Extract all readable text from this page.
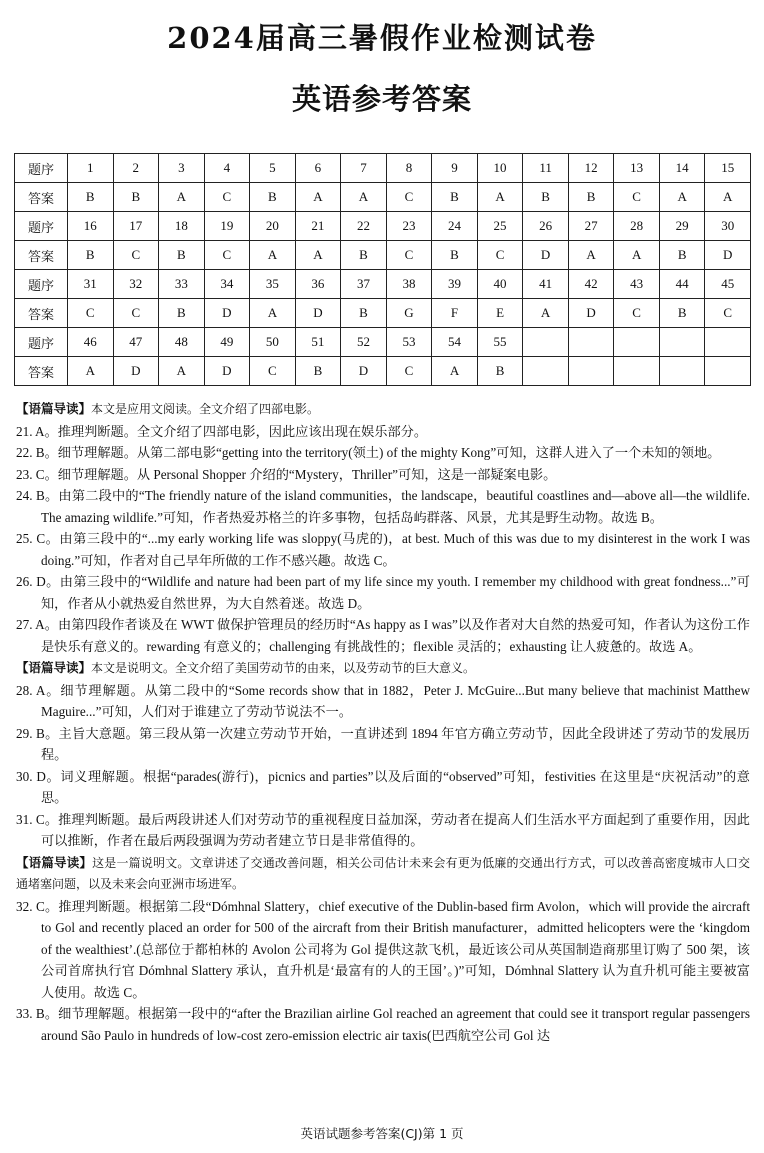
2024届高三暑假作业检测试卷
英语参考答案
题序	1	2	3	4	5	6	7	8	9	10	11	12	13	14	15
答案	B	B	A	C	B	A	A	C	B	A	B	B	C	A	A
题序	16	17	18	19	20	21	22	23	24	25	26	27	28	29	30
答案	B	C	B	C	A	A	B	C	B	C	D	A	A	B	D
题序	31	32	33	34	35	36	37	38	39	40	41	42	43	44	45
答案	C	C	B	D	A	D	B	G	F	E	A	D	C	B	C
题序	46	47	48	49	50	51	52	53	54	55					
答案	A	D	A	D	C	B	D	C	A	B					

【语篇导读】本文是应用文阅读。全文介绍了四部电影。

21. A。推理判断题。全文介绍了四部电影，因此应该出现在娱乐部分。

22. B。细节理解题。从第二部电影“getting into the territory(领土) of the mighty Kong”可知，这群人进入了一个未知的领地。

23. C。细节理解题。从 Personal Shopper 介绍的“Mystery，Thriller”可知，这是一部疑案电影。

24. B。由第二段中的“The friendly nature of the island communities，the landscape，beautiful coastlines and—above all—the wildlife. The amazing wildlife.”可知，作者热爱苏格兰的许多事物，包括岛屿群落、风景，尤其是野生动物。故选 B。

25. C。由第三段中的“...my early working life was sloppy(马虎的)，at best. Much of this was due to my disinterest in the work I was doing.”可知，作者对自己早年所做的工作不感兴趣。故选 C。

26. D。由第三段中的“Wildlife and nature had been part of my life since my youth. I remember my childhood with great fondness...”可知，作者从小就热爱自然世界，为大自然着迷。故选 D。

27. A。由第四段作者谈及在 WWT 做保护管理员的经历时“As happy as I was”以及作者对大自然的热爱可知，作者认为这份工作是快乐有意义的。rewarding 有意义的；challenging 有挑战性的；flexible 灵活的；exhausting 让人疲惫的。故选 A。

【语篇导读】本文是说明文。全文介绍了美国劳动节的由来，以及劳动节的巨大意义。

28. A。细节理解题。从第二段中的“Some records show that in 1882，Peter J. McGuire...But many believe that machinist Matthew Maguire...”可知，人们对于谁建立了劳动节说法不一。

29. B。主旨大意题。第三段从第一次建立劳动节开始，一直讲述到 1894 年官方确立劳动节，因此全段讲述了劳动节的发展历程。

30. D。词义理解题。根据“parades(游行)，picnics and parties”以及后面的“observed”可知，festivities 在这里是“庆祝活动”的意思。

31. C。推理判断题。最后两段讲述人们对劳动节的重视程度日益加深，劳动者在提高人们生活水平方面起到了重要作用，因此可以推断，作者在最后两段强调为劳动者建立节日是非常值得的。

【语篇导读】这是一篇说明文。文章讲述了交通改善问题，相关公司估计未来会有更为低廉的交通出行方式，可以改善高密度城市人口交通堵塞问题，以及未来会向亚洲市场进军。

32. C。推理判断题。根据第二段“Dómhnal Slattery，chief executive of the Dublin-based firm Avolon，which will provide the aircraft to Gol and recently placed an order for 500 of the aircraft from their British manufacturer，admitted helicopters were the ‘kingdom of the wealthiest’.(总部位于都柏林的 Avolon 公司将为 Gol 提供这款飞机，最近该公司从英国制造商那里订购了 500 架，该公司首席执行官 Dómhnal Slattery 承认，直升机是‘最富有的人的王国’。)”可知，Dómhnal Slattery 认为直升机可能主要被富人使用。故选 C。

33. B。细节理解题。根据第一段中的“after the Brazilian airline Gol reached an agreement that could see it transport regular passengers around São Paulo in hundreds of low-cost zero-emission electric air taxis(巴西航空公司 Gol 达

英语试题参考答案(CJ)第 1 页
